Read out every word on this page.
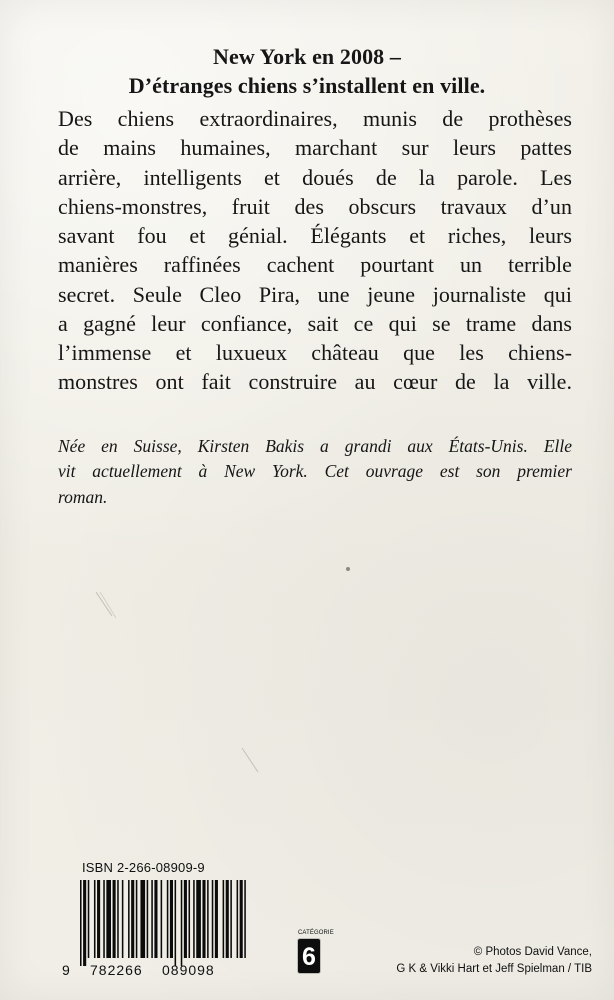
New York en 2008 –
D’étranges chiens s’installent en ville.
Des chiens extraordinaires, munis de prothèses
de mains humaines, marchant sur leurs pattes
arrière, intelligents et doués de la parole. Les
chiens-monstres, fruit des obscurs travaux d’un
savant fou et génial. Élégants et riches, leurs
manières raffinées cachent pourtant un terrible
secret. Seule Cleo Pira, une jeune journaliste qui
a gagné leur confiance, sait ce qui se trame dans
l’immense et luxueux château que les chiens-
monstres ont fait construire au cœur de la ville.
Née en Suisse, Kirsten Bakis a grandi aux États-Unis. Elle
vit actuellement à New York. Cet ouvrage est son premier
roman.
ISBN 2-266-08909-9
9 782266 089098
CATÉGORIE
6	© Photos David Vance,
G K & Vikki Hart et Jeff Spielman / TIB
